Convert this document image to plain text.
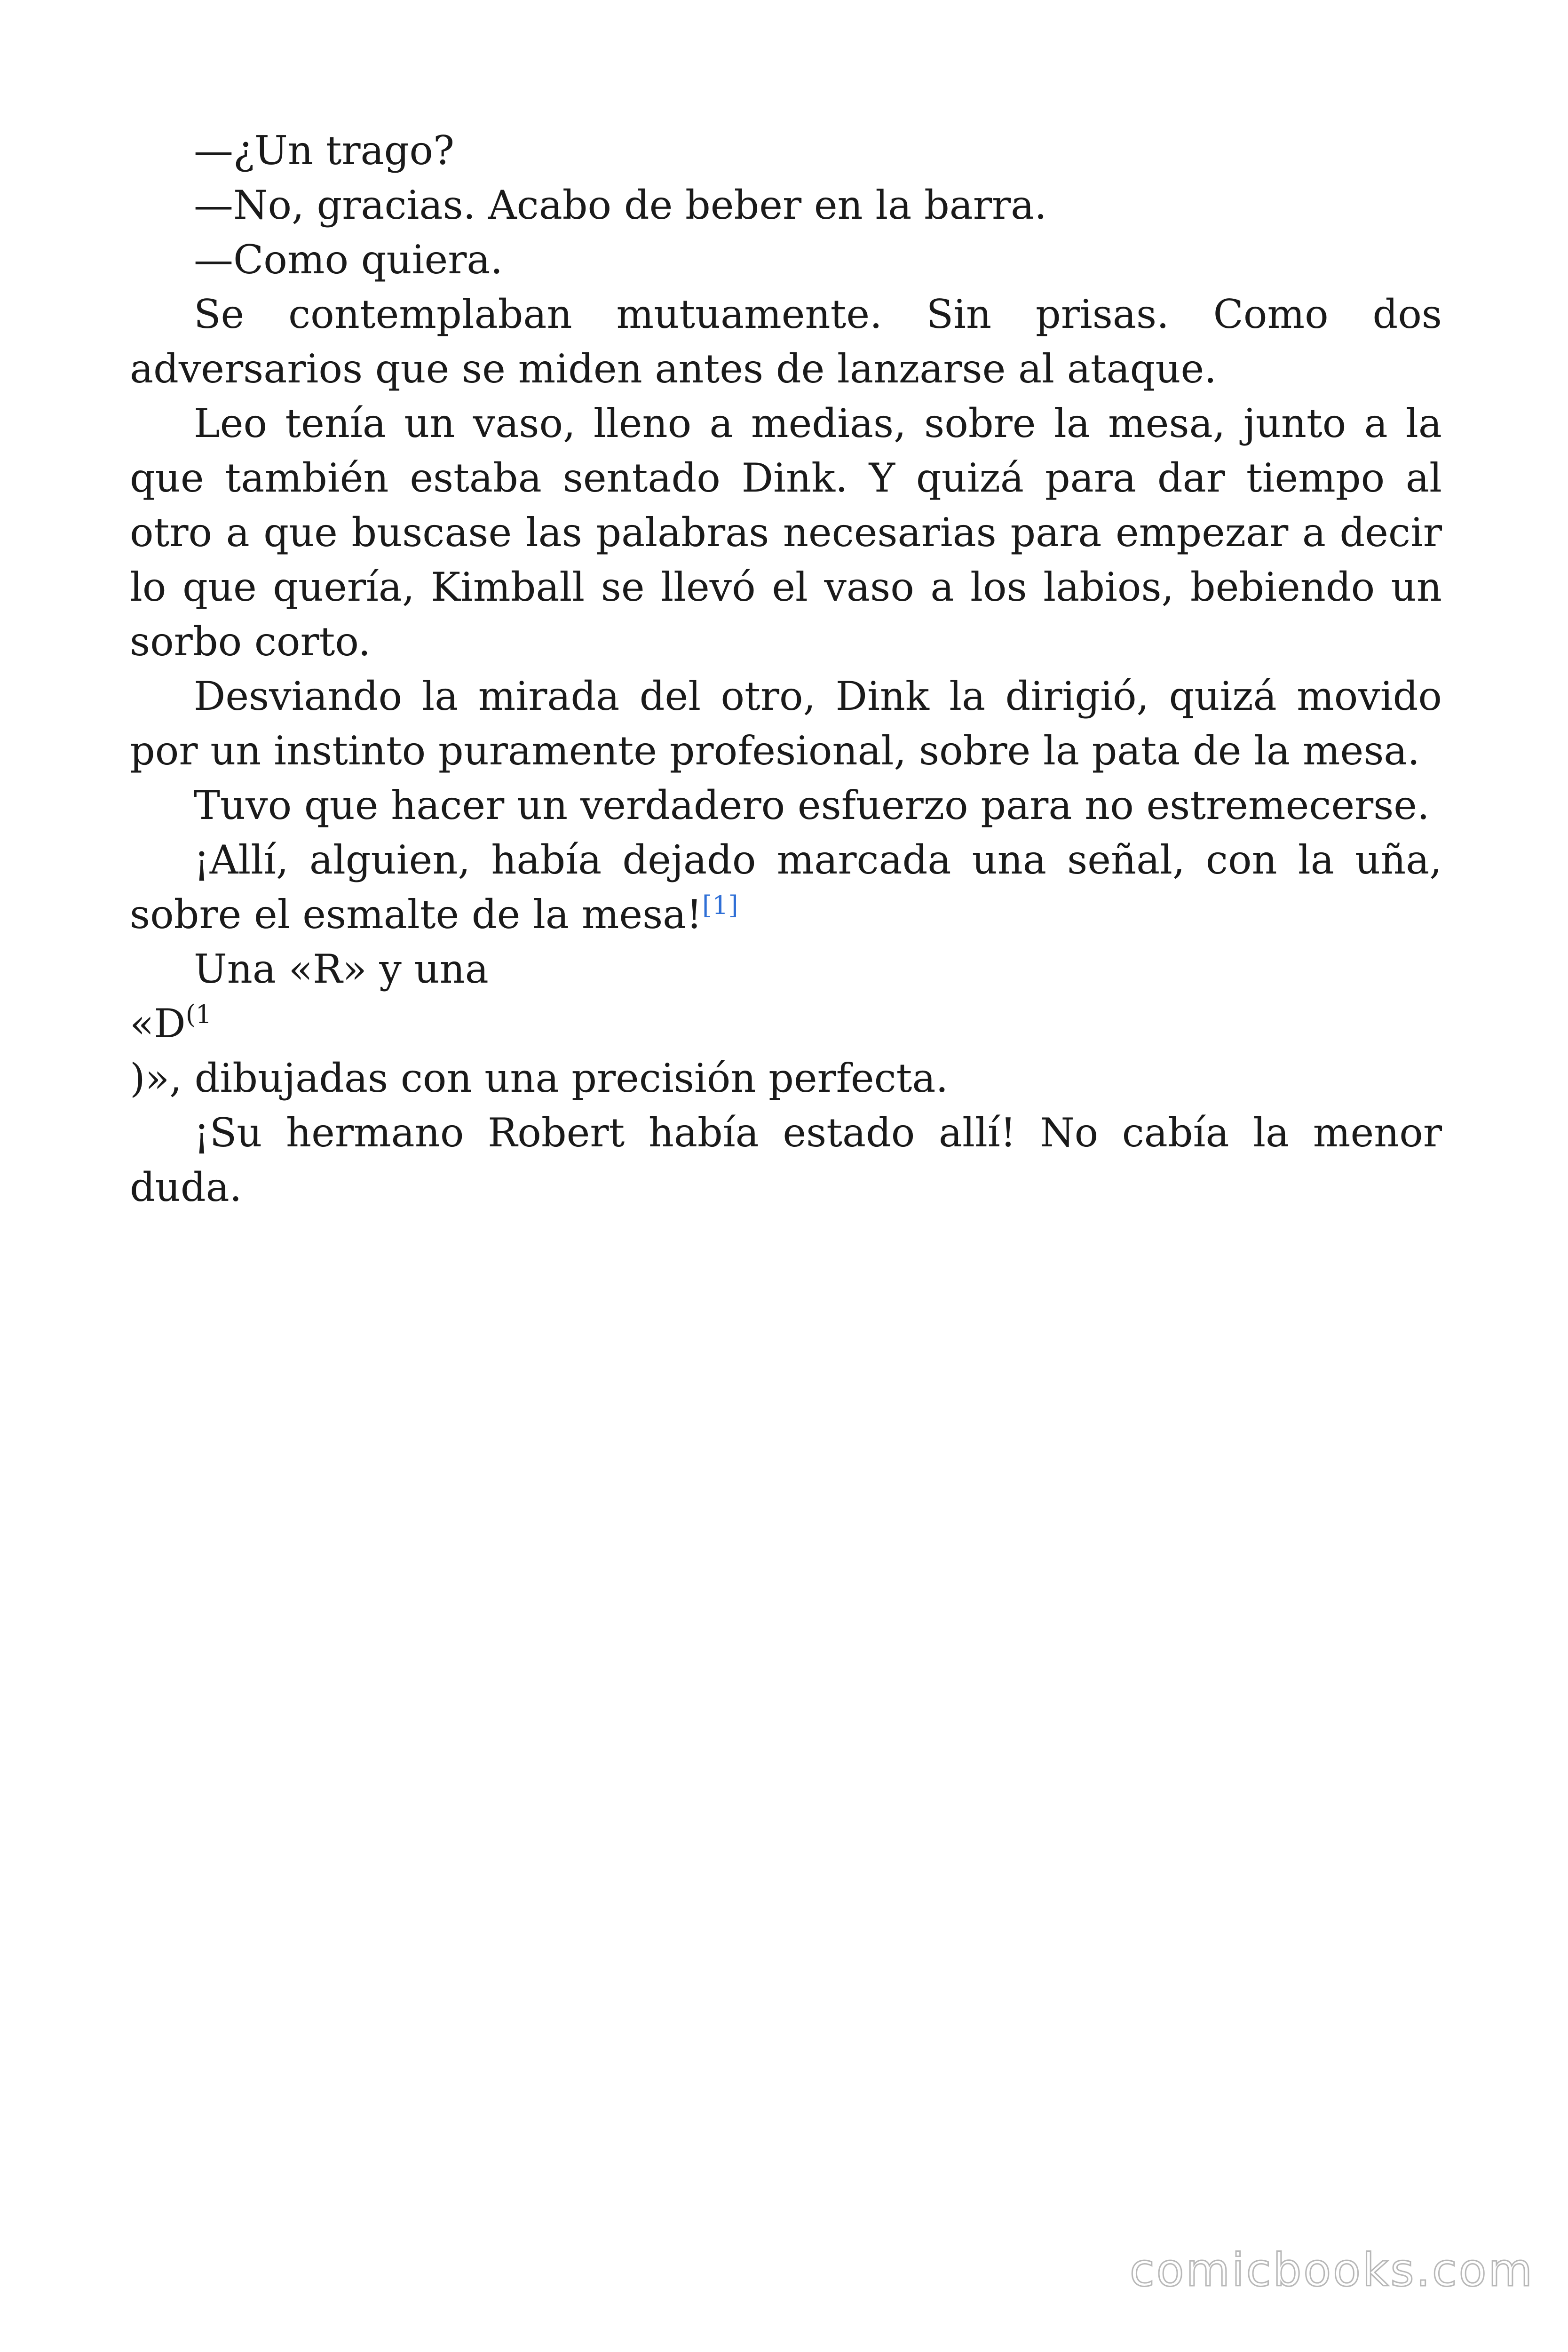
—¿Un trago?

—No, gracias. Acabo de beber en la barra.

—Como quiera.

Se contemplaban mutuamente. Sin prisas. Como dos adversarios que se miden antes de lanzarse al ataque.

Leo tenía un vaso, lleno a medias, sobre la mesa, junto a la que también estaba sentado Dink. Y quizá para dar tiempo al otro a que buscase las palabras necesarias para empezar a decir lo que quería, Kimball se llevó el vaso a los labios, bebiendo un sorbo corto.

Desviando la mirada del otro, Dink la dirigió, quizá movido por un instinto puramente profesional, sobre la pata de la mesa.

Tuvo que hacer un verdadero esfuerzo para no estremecerse.

¡Allí, alguien, había dejado marcada una señal, con la uña, sobre el esmalte de la mesa![1]

Una «R» y una

«$D^{(1}$

)», dibujadas con una precisión perfecta.

¡Su hermano Robert había estado allí! No cabía la menor duda.

comicbooks.com
